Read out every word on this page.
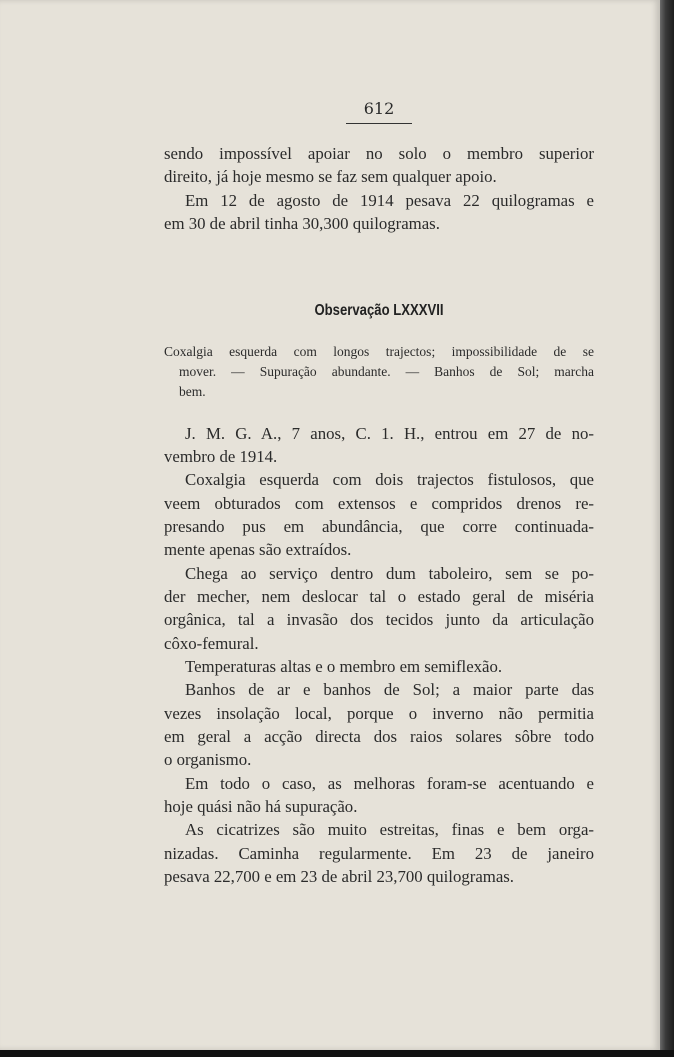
612

sendo impossível apoiar no solo o membro superior

direito, já hoje mesmo se faz sem qualquer apoio.

Em 12 de agosto de 1914 pesava 22 quilogramas e

em 30 de abril tinha 30,300 quilogramas.

Observação LXXXVII

Coxalgia esquerda com longos trajectos; impossibilidade de se

mover. — Supuração abundante. — Banhos de Sol; marcha

bem.

J. M. G. A., 7 anos, C. 1. H., entrou em 27 de no-

vembro de 1914.

Coxalgia esquerda com dois trajectos fistulosos, que

veem obturados com extensos e compridos drenos re-

presando pus em abundância, que corre continuada-

mente apenas são extraídos.

Chega ao serviço dentro dum taboleiro, sem se po-

der mecher, nem deslocar tal o estado geral de miséria

orgânica, tal a invasão dos tecidos junto da articulação

côxo-femural.

Temperaturas altas e o membro em semiflexão.

Banhos de ar e banhos de Sol; a maior parte das

vezes insolação local, porque o inverno não permitia

em geral a acção directa dos raios solares sôbre todo

o organismo.

Em todo o caso, as melhoras foram-se acentuando e

hoje quási não há supuração.

As cicatrizes são muito estreitas, finas e bem orga-

nizadas. Caminha regularmente. Em 23 de janeiro

pesava 22,700 e em 23 de abril 23,700 quilogramas.
